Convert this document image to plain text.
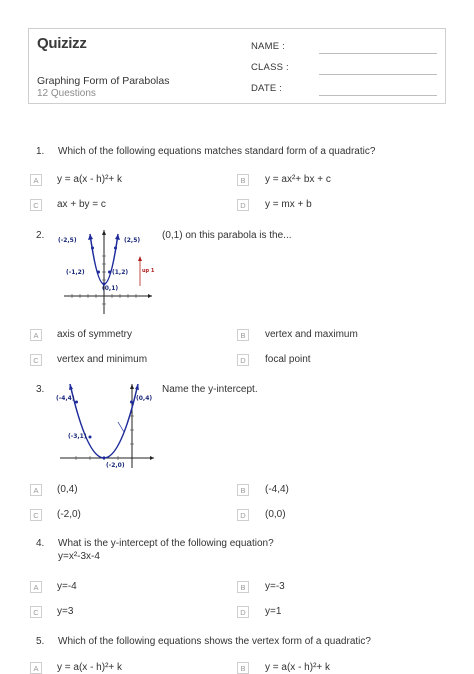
Quizizz
Graphing Form of Parabolas
12 Questions
NAME :
CLASS :
DATE :
1. Which of the following equations matches standard form of a quadratic?
A	y = a(x - h)²+ k	B	y = ax²+ bx + c
C	ax + by = c	D	y = mx + b
2.	(0,1) on this parabola is the...
(-2,5)	(2,5)
(-1,2)	(1,2)
(0,1)
up 1
A	axis of symmetry	B	vertex and maximum
C	vertex and minimum	D	focal point
3.	Name the y-intercept.
(-4,4)	(0,4)
(-3,1)
(-2,0)
A	(0,4)	B	(-4,4)
C	(-2,0)	D	(0,0)
4. What is the y-intercept of the following equation?
y=x²-3x-4
A	y=-4	B	y=-3
C	y=3	D	y=1
5. Which of the following equations shows the vertex form of a quadratic?
A	y = a(x - h)²+ k	B	y = a(x - h)²+ k
